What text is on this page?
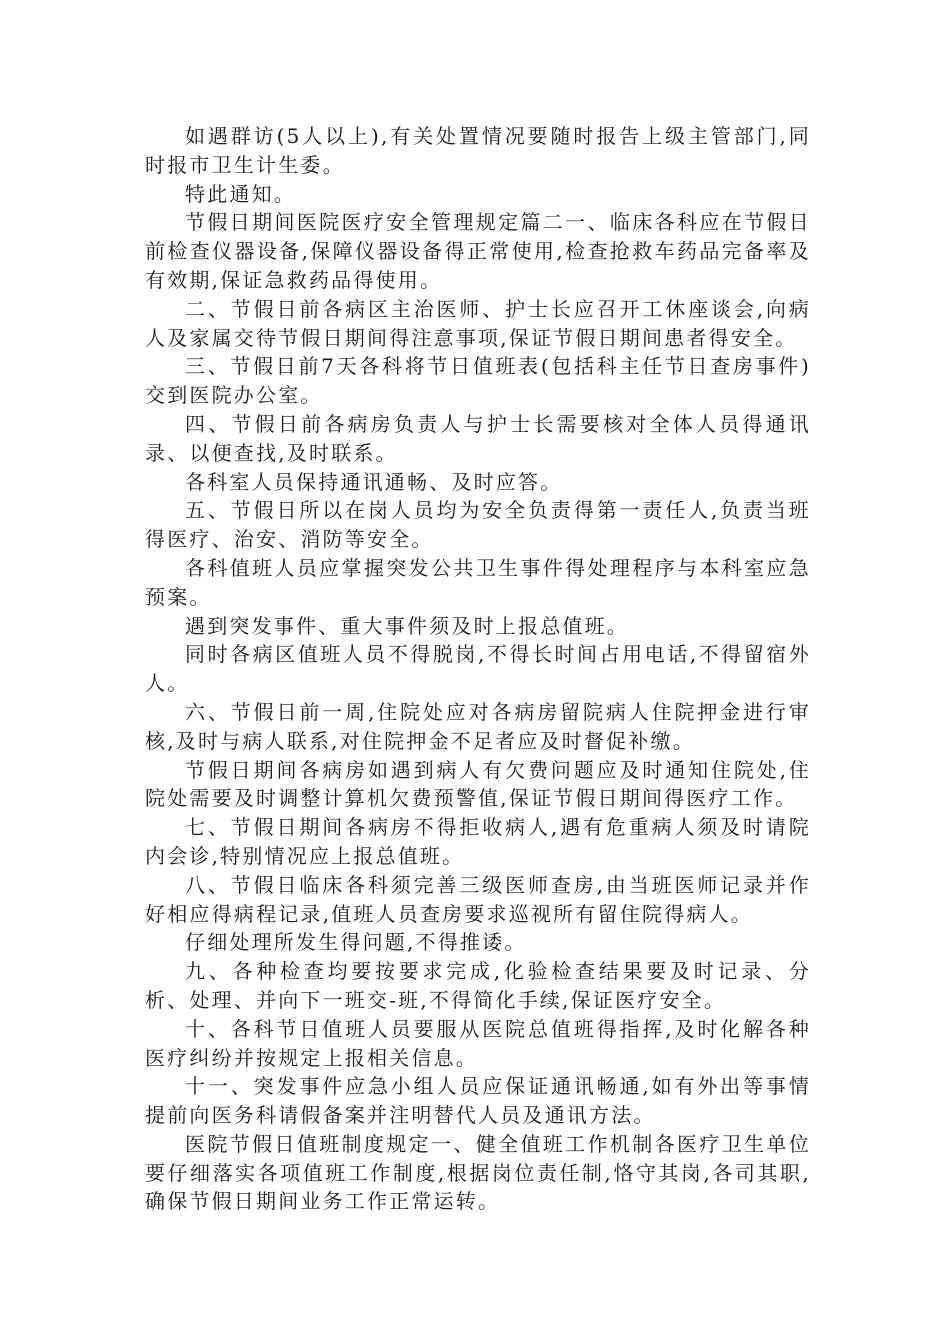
如遇群访(5人以上),有关处置情况要随时报告上级主管部门,同时报市卫生计生委。

特此通知。

节假日期间医院医疗安全管理规定篇二一、临床各科应在节假日前检查仪器设备,保障仪器设备得正常使用,检查抢救车药品完备率及有效期,保证急救药品得使用。

二、节假日前各病区主治医师、护士长应召开工休座谈会,向病人及家属交待节假日期间得注意事项,保证节假日期间患者得安全。

三、节假日前7天各科将节日值班表(包括科主任节日查房事件)交到医院办公室。

四、节假日前各病房负责人与护士长需要核对全体人员得通讯录、以便查找,及时联系。

各科室人员保持通讯通畅、及时应答。

五、节假日所以在岗人员均为安全负责得第一责任人,负责当班得医疗、治安、消防等安全。

各科值班人员应掌握突发公共卫生事件得处理程序与本科室应急预案。

遇到突发事件、重大事件须及时上报总值班。

同时各病区值班人员不得脱岗,不得长时间占用电话,不得留宿外人。

六、节假日前一周,住院处应对各病房留院病人住院押金进行审核,及时与病人联系,对住院押金不足者应及时督促补缴。

节假日期间各病房如遇到病人有欠费问题应及时通知住院处,住院处需要及时调整计算机欠费预警值,保证节假日期间得医疗工作。

七、节假日期间各病房不得拒收病人,遇有危重病人须及时请院内会诊,特别情况应上报总值班。

八、节假日临床各科须完善三级医师查房,由当班医师记录并作好相应得病程记录,值班人员查房要求巡视所有留住院得病人。

仔细处理所发生得问题,不得推诿。

九、各种检查均要按要求完成,化验检查结果要及时记录、分析、处理、并向下一班交-班,不得简化手续,保证医疗安全。

十、各科节日值班人员要服从医院总值班得指挥,及时化解各种医疗纠纷并按规定上报相关信息。

十一、突发事件应急小组人员应保证通讯畅通,如有外出等事情提前向医务科请假备案并注明替代人员及通讯方法。

医院节假日值班制度规定一、健全值班工作机制各医疗卫生单位要仔细落实各项值班工作制度,根据岗位责任制,恪守其岗,各司其职,确保节假日期间业务工作正常运转。
